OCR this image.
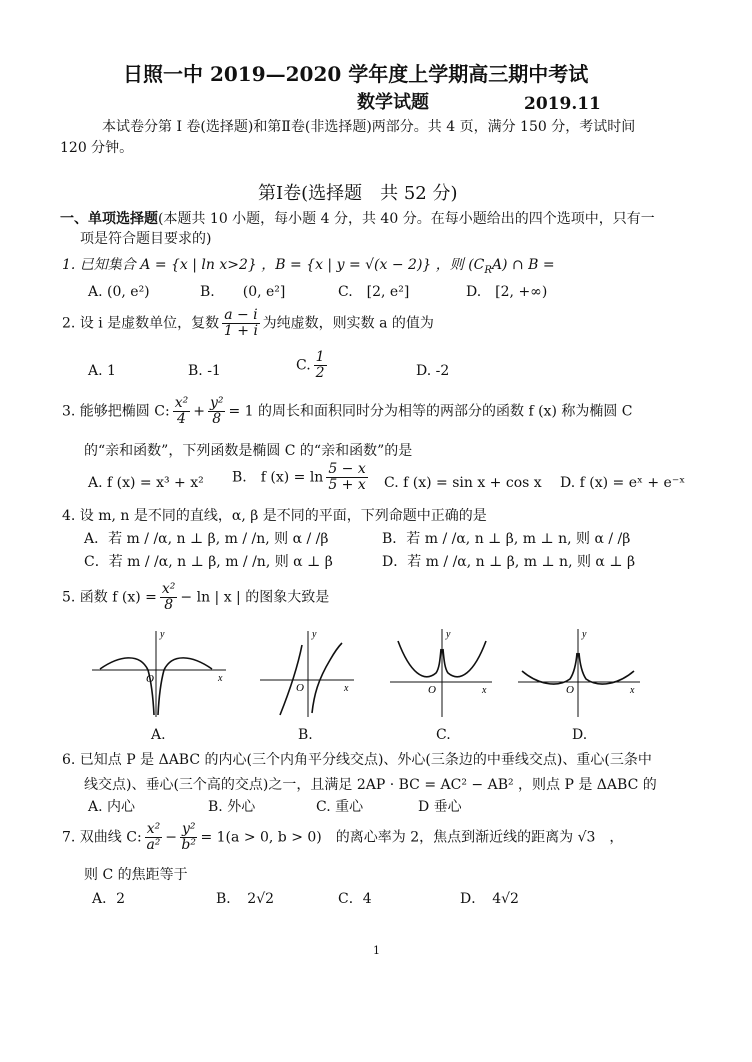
日照一中 2019—2020 学年度上学期高三期中考试
数学试题	2019.11
本试卷分第 I 卷(选择题)和第Ⅱ卷(非选择题)两部分。共 4 页，满分 150 分，考试时间
120 分钟。
第Ⅰ卷(选择题　共 52 分)
一、单项选择题(本题共 10 小题，每小题 4 分，共 40 分。在每小题给出的四个选项中，只有一
项是符合题目要求的)
1. 已知集合 A = {x | ln x>2} ，B = {x | y = √(x − 2)} ，则 $(C_RA)$ ∩ B =
A. (0, e²)	B.　　(0, e²]	C.　[2, e²]	D.　[2, +∞)
2. 设 i 是虚数单位，复数 $\frac{a - i}{1 + i}$ 为纯虚数，则实数 a 的值为
A. 1	B. -1	C. $\frac{1}{2}$	D. -2
3. 能够把椭圆 C: $\frac{\text{x²}}{4} + \frac{\text{y²}}{8} = 1$ 的周长和面积同时分为相等的两部分的函数 f (x) 称为椭圆 C
的“亲和函数”，下列函数是椭圆 C 的“亲和函数”的是
A. f (x) = x³ + x² B.　f $(x) = \ln \frac{5 - x}{5 + x} C$. f (x) = sin x + cos x D. f (x) = eˣ + e⁻ˣ
4. 设 m, n 是不同的直线，α, β 是不同的平面，下列命题中正确的是
A．若 m / /α, n ⊥ β, m / /n, 则 α / /β	B．若 m / /α, n ⊥ β, m ⊥ n, 则 α / /β
C．若 m / /α, n ⊥ β, m / /n, 则 α ⊥ β	D．若 m / /α, n ⊥ β, m ⊥ n, 则 α ⊥ β
5. 函数 f $(x) = \frac{\text{x²}}{8} - \ln$ | x | 的图象大致是
O
y
x
O
y
x	O
y
x	O
y
x
A.	B.	C.	D.
6. 已知点 P 是 ΔABC 的内心(三个内角平分线交点)、外心(三条边的中垂线交点)、重心(三条中
线交点)、垂心(三个高的交点)之一，且满足 2AP · BC = AC² − AB² ，则点 P 是 ΔABC 的
A. 内心	B. 外心	C. 重心	D 垂心
7. 双曲线 C: $\frac{\text{x²}}{\text{a²}} - \frac{\text{y²}}{\text{b²}} = 1(a > 0$, b > 0)　的离心率为 2，焦点到渐近线的距离为 √3　，
则 C 的焦距等于
A．2	B．　2√2	C．4	D．　4√2
1
